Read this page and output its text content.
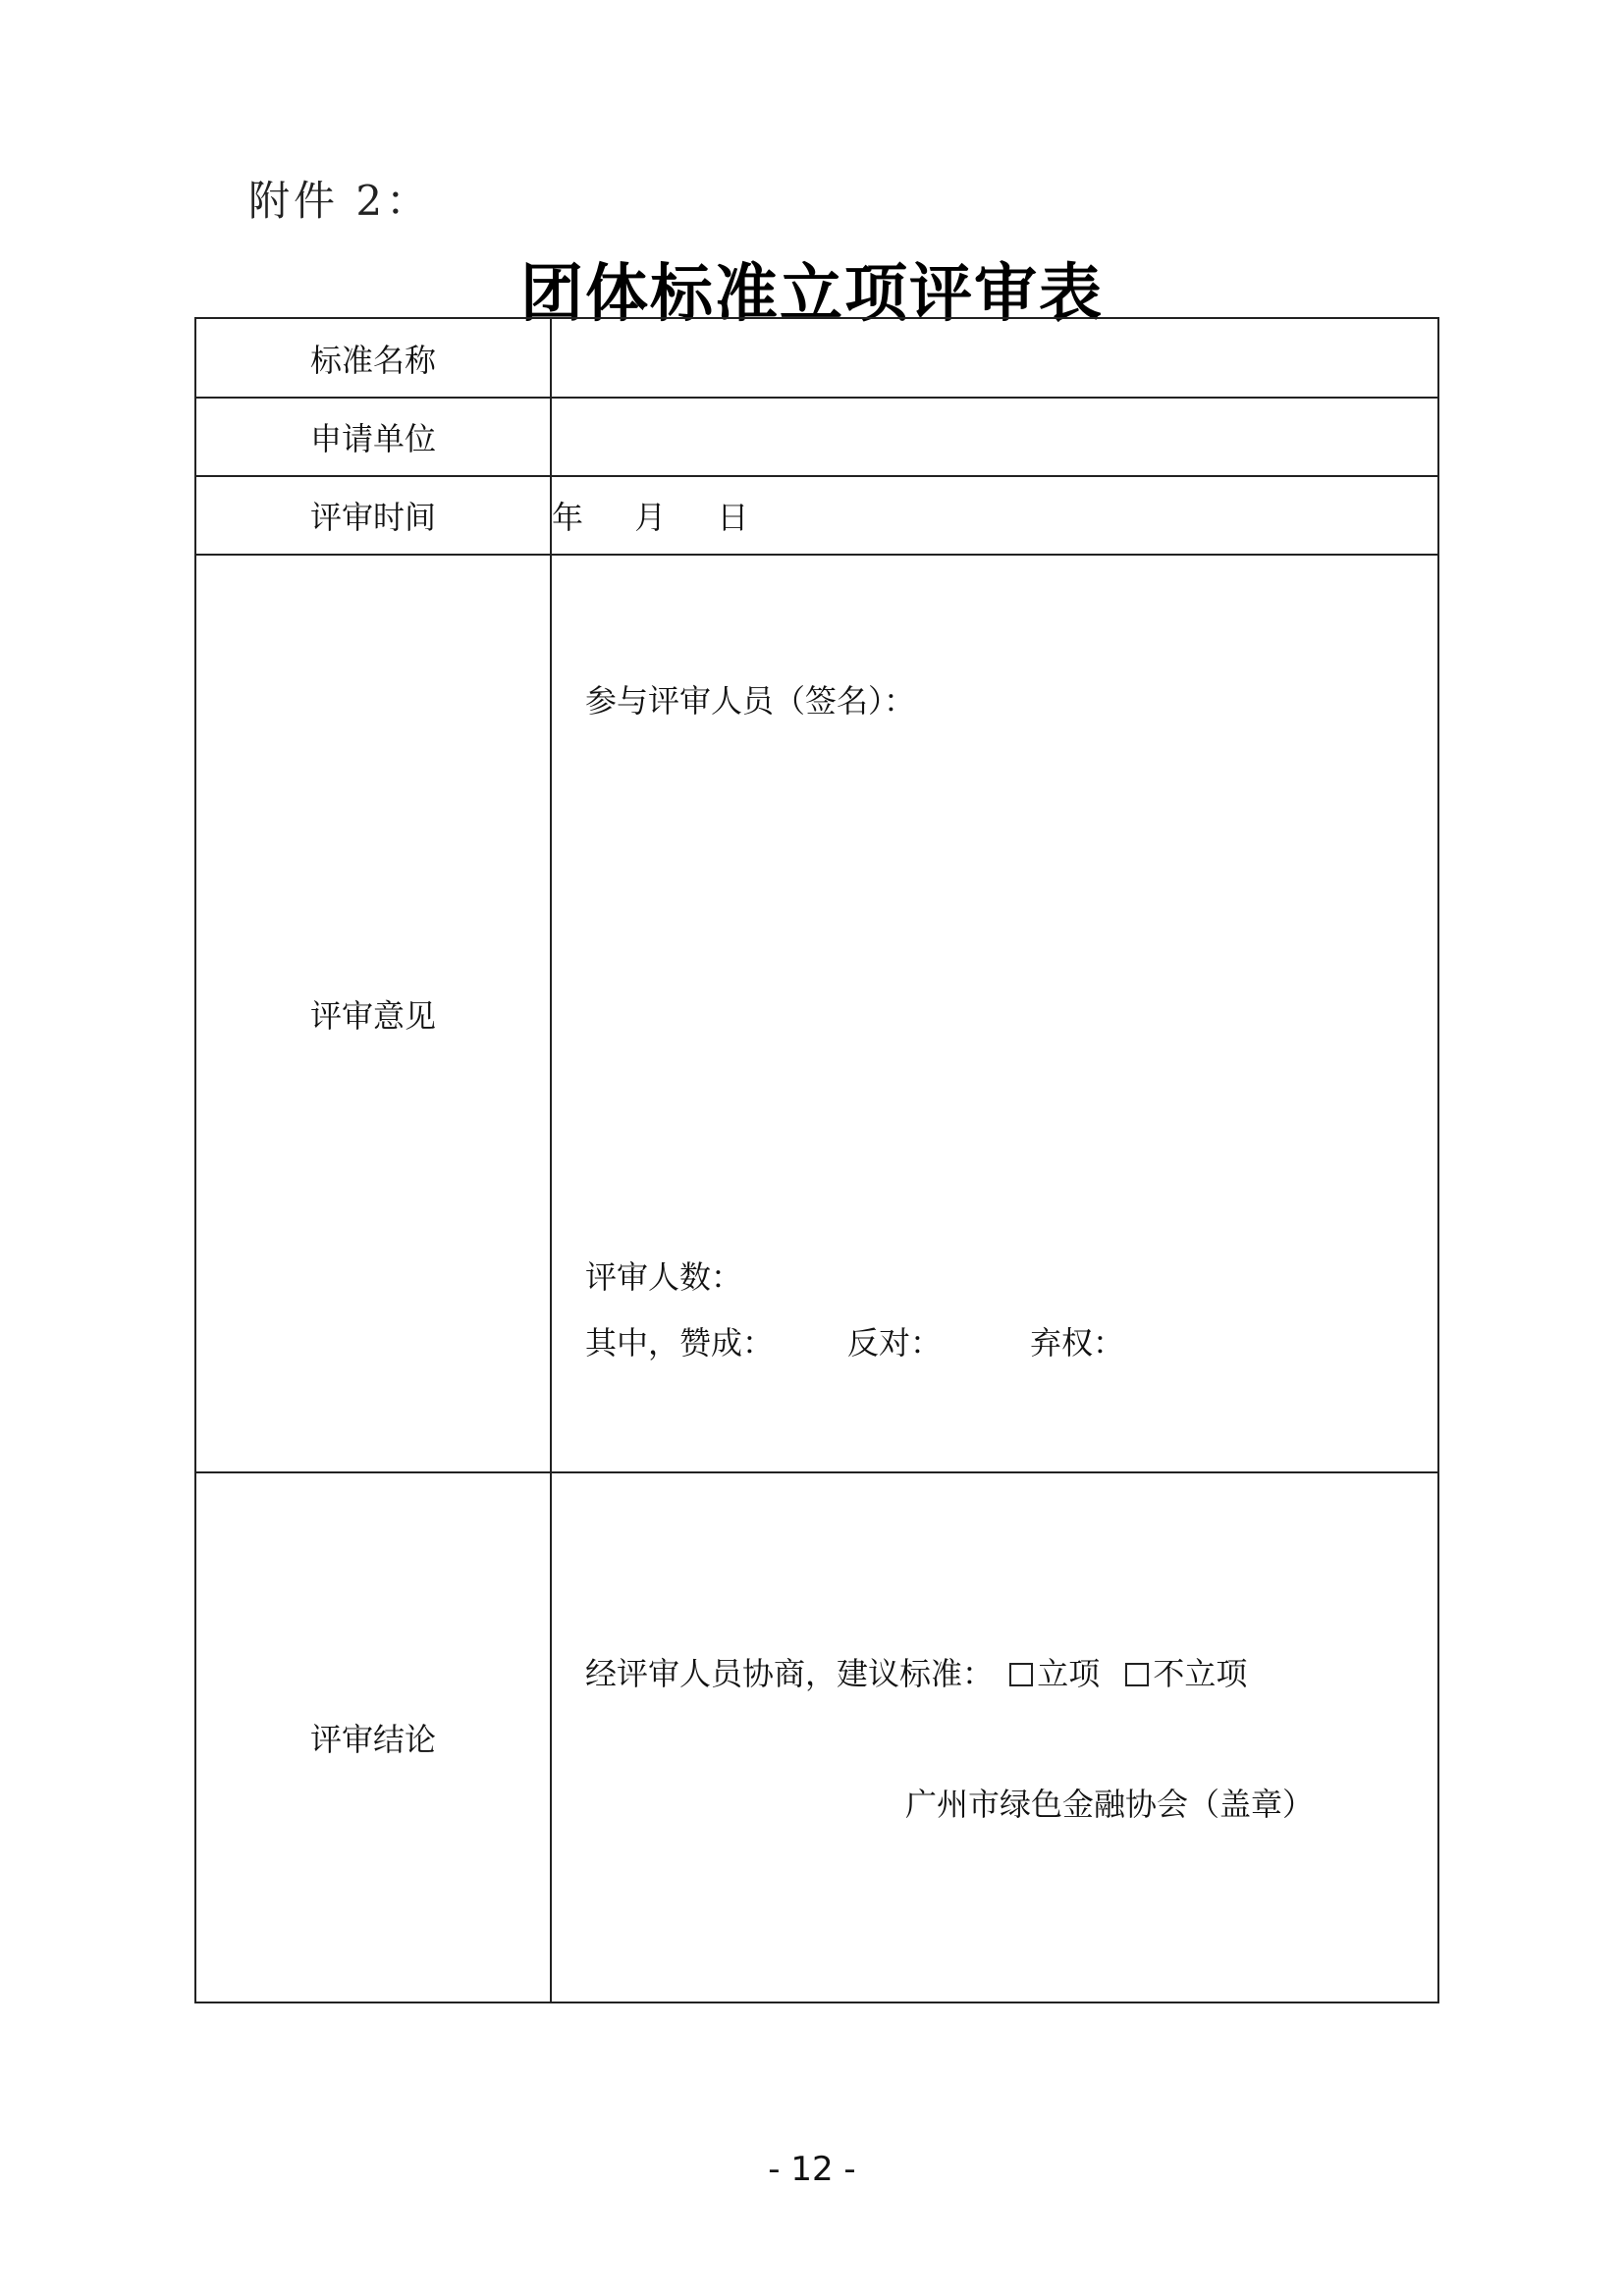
附件 2：
团体标准立项评审表
标准名称	
申请单位	
评审时间	年 月 日
评审意见	参与评审人员（签名）：
评审人数：
其中，赞成： 反对： 弃权：

评审结论	经评审人员协商，建议标准： 立项 不立项
广州市绿色金融协会（盖章）
- 12 -
